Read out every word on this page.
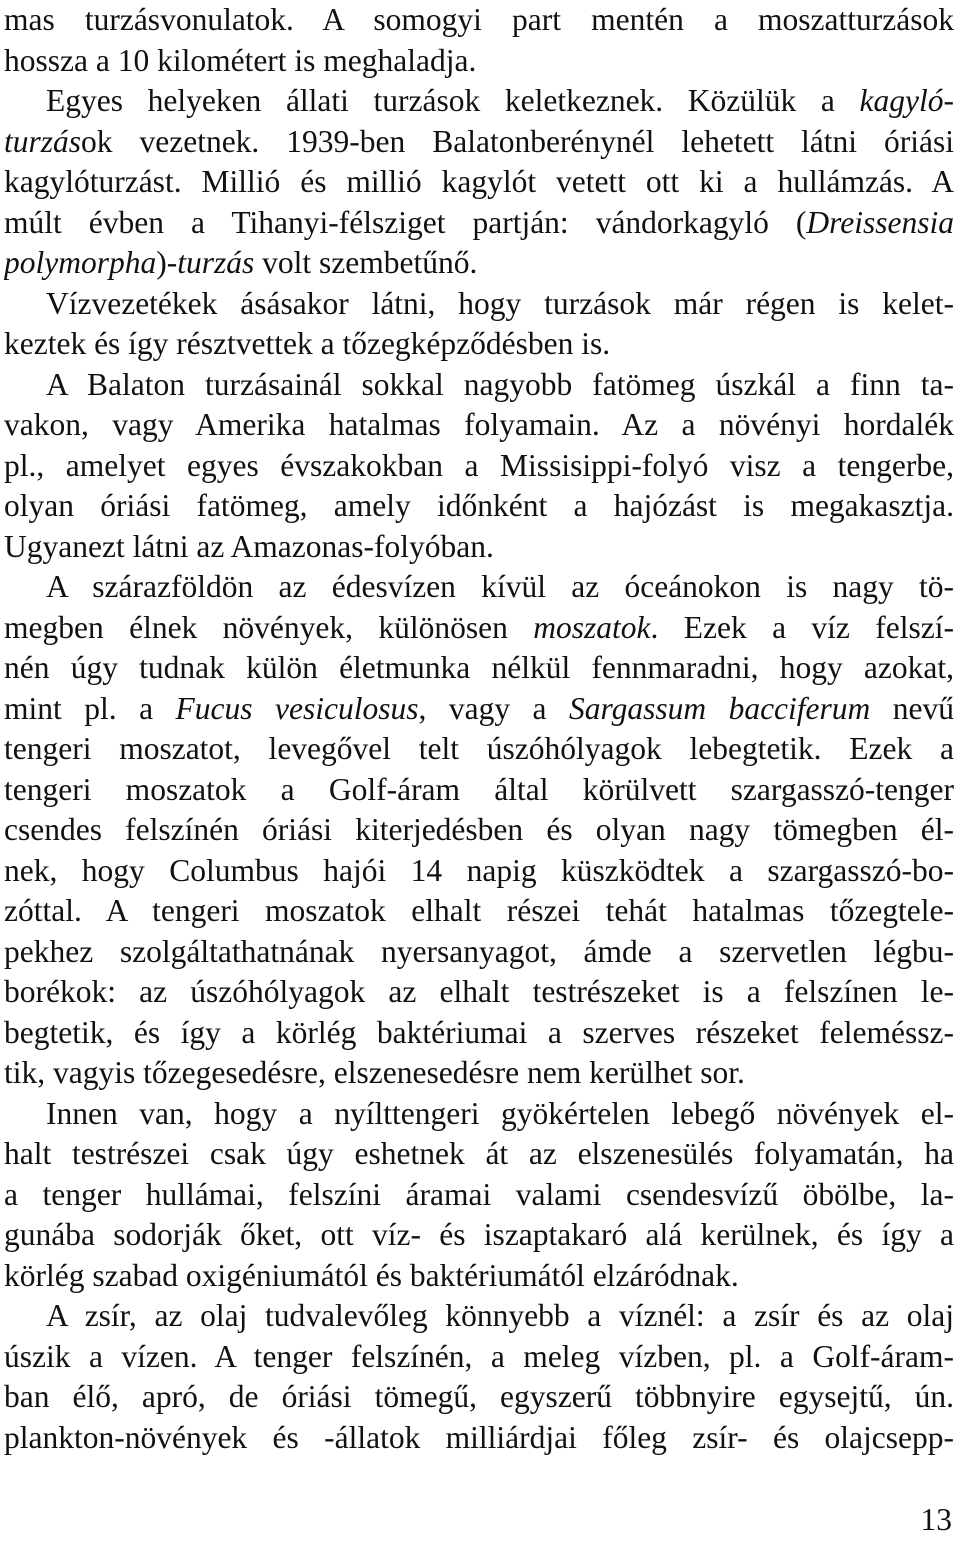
mas turzásvonulatok. A somogyi part mentén a moszatturzások
hossza a 10 kilométert is meghaladja.
Egyes helyeken állati turzások keletkeznek. Közülük a kagyló-
turzások vezetnek. 1939-ben Balatonberénynél lehetett látni óriási
kagylóturzást. Millió és millió kagylót vetett ott ki a hullámzás. A
múlt évben a Tihanyi-félsziget partján: vándorkagyló (Dreissensia
polymorpha)-turzás volt szembetűnő.
Vízvezetékek ásásakor látni, hogy turzások már régen is kelet-
keztek és így résztvettek a tőzegképződésben is.
A Balaton turzásainál sokkal nagyobb fatömeg úszkál a finn ta-
vakon, vagy Amerika hatalmas folyamain. Az a növényi hordalék
pl., amelyet egyes évszakokban a Missisippi-folyó visz a tengerbe,
olyan óriási fatömeg, amely időnként a hajózást is megakasztja.
Ugyanezt látni az Amazonas-folyóban.
A szárazföldön az édesvízen kívül az óceánokon is nagy tö-
megben élnek növények, különösen moszatok. Ezek a víz felszí-
nén úgy tudnak külön életmunka nélkül fennmaradni, hogy azokat,
mint pl. a Fucus vesiculosus, vagy a Sargassum bacciferum nevű
tengeri moszatot, levegővel telt úszóhólyagok lebegtetik. Ezek a
tengeri moszatok a Golf-áram által körülvett szargasszó-tenger
csendes felszínén óriási kiterjedésben és olyan nagy tömegben él-
nek, hogy Columbus hajói 14 napig küszködtek a szargasszó-bo-
zóttal. A tengeri moszatok elhalt részei tehát hatalmas tőzegtele-
pekhez szolgáltathatnának nyersanyagot, ámde a szervetlen légbu-
borékok: az úszóhólyagok az elhalt testrészeket is a felszínen le-
begtetik, és így a körlég baktériumai a szerves részeket feleméssz-
tik, vagyis tőzegesedésre, elszenesedésre nem kerülhet sor.
Innen van, hogy a nyílttengeri gyökértelen lebegő növények el-
halt testrészei csak úgy eshetnek át az elszenesülés folyamatán, ha
a tenger hullámai, felszíni áramai valami csendesvízű öbölbe, la-
gunába sodorják őket, ott víz- és iszaptakaró alá kerülnek, és így a
körlég szabad oxigéniumától és baktériumától elzáródnak.
A zsír, az olaj tudvalevőleg könnyebb a víznél: a zsír és az olaj
úszik a vízen. A tenger felszínén, a meleg vízben, pl. a Golf-áram-
ban élő, apró, de óriási tömegű, egyszerű többnyire egysejtű, ún.
plankton-növények és -állatok milliárdjai főleg zsír- és olajcsepp-
13
